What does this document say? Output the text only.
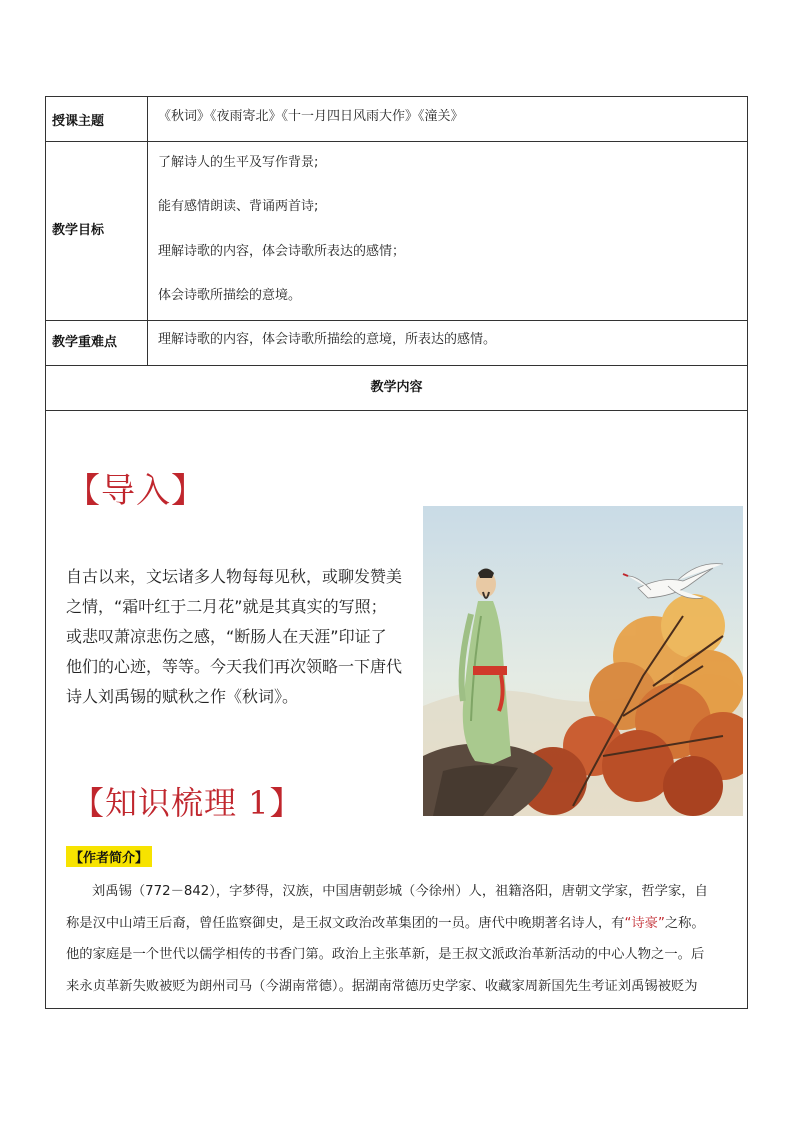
授课主题	《秋词》《夜雨寄北》《十一月四日风雨大作》《潼关》
教学目标
了解诗人的生平及写作背景;
能有感情朗读、背诵两首诗;
理解诗歌的内容，体会诗歌所表达的感情；
体会诗歌所描绘的意境。
教学重难点	理解诗歌的内容，体会诗歌所描绘的意境，所表达的感情。
教学内容
【导入】

自古以来，文坛诸多人物每每见秋，或聊发赞美

之情，“霜叶红于二月花”就是其真实的写照；

或悲叹萧凉悲伤之感，“断肠人在天涯”印证了

他们的心迹，等等。今天我们再次领略一下唐代

诗人刘禹锡的赋秋之作《秋词》。

【知识梳理 1】
【作者简介】

刘禹锡（772－842），字梦得，汉族，中国唐朝彭城（今徐州）人，祖籍洛阳，唐朝文学家，哲学家，自

称是汉中山靖王后裔，曾任监察御史，是王叔文政治改革集团的一员。唐代中晚期著名诗人，有“诗豪”之称。

他的家庭是一个世代以儒学相传的书香门第。政治上主张革新，是王叔文派政治革新活动的中心人物之一。后

来永贞革新失败被贬为朗州司马（今湖南常德）。据湖南常德历史学家、收藏家周新国先生考证刘禹锡被贬为
